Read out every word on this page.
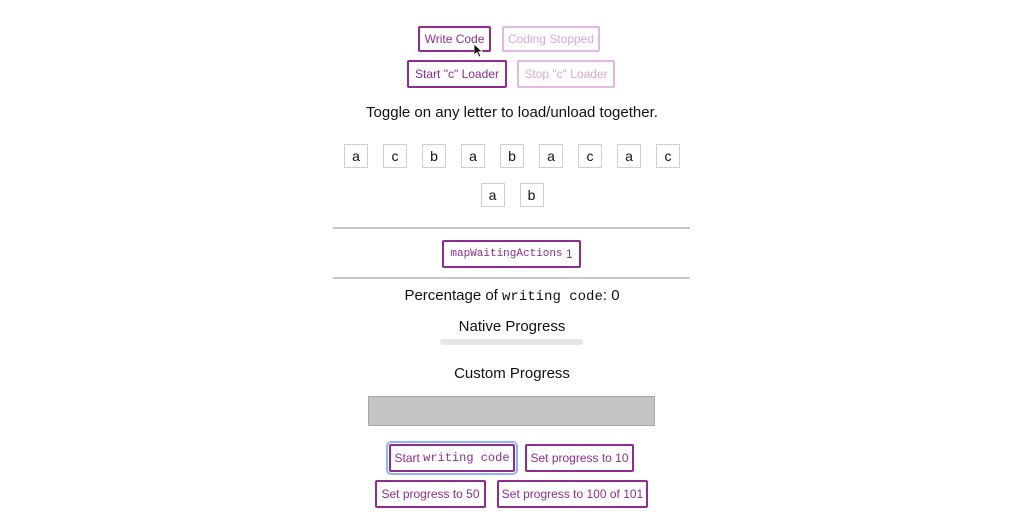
Write Code	Coding Stopped
Start "c" Loader	Stop "c" Loader
Toggle on any letter to load/unload together.
a	c	b	a	b	a	c	a	c
a	b
mapWaitingActions
1
Percentage of writing code: 0
Native Progress
Custom Progress
Start
writing code	Set progress to 10
Set progress to 50	Set progress to 100 of 101
